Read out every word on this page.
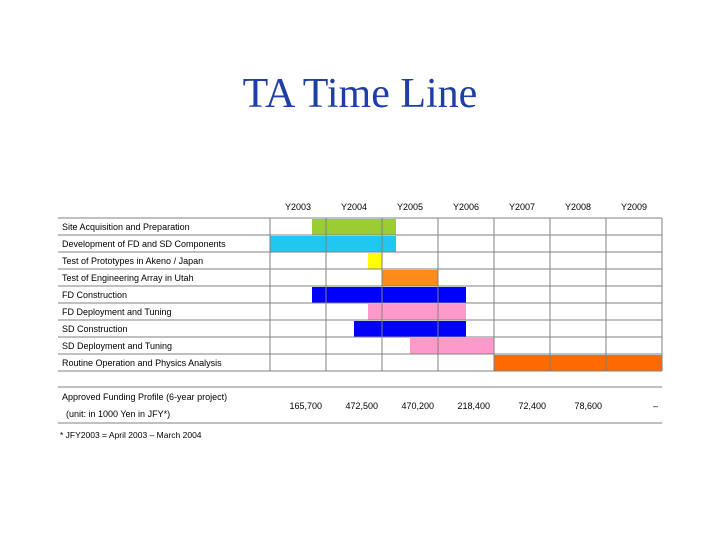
TA Time Line
Y2003	Y2004	Y2005	Y2006	Y2007	Y2008	Y2009
Site Acquisition and Preparation
Development of FD and SD Components
Test of Prototypes in Akeno / Japan
Test of Engineering Array in Utah
FD Construction
FD Deployment and Tuning
SD Construction
SD Deployment and Tuning
Routine Operation and Physics Analysis
Approved Funding Profile (6-year project)
(unit: in 1000 Yen in JFY*)
165,700	472,500	470,200	218,400	72,400	78,600	–
* JFY2003 = April 2003 – March 2004
